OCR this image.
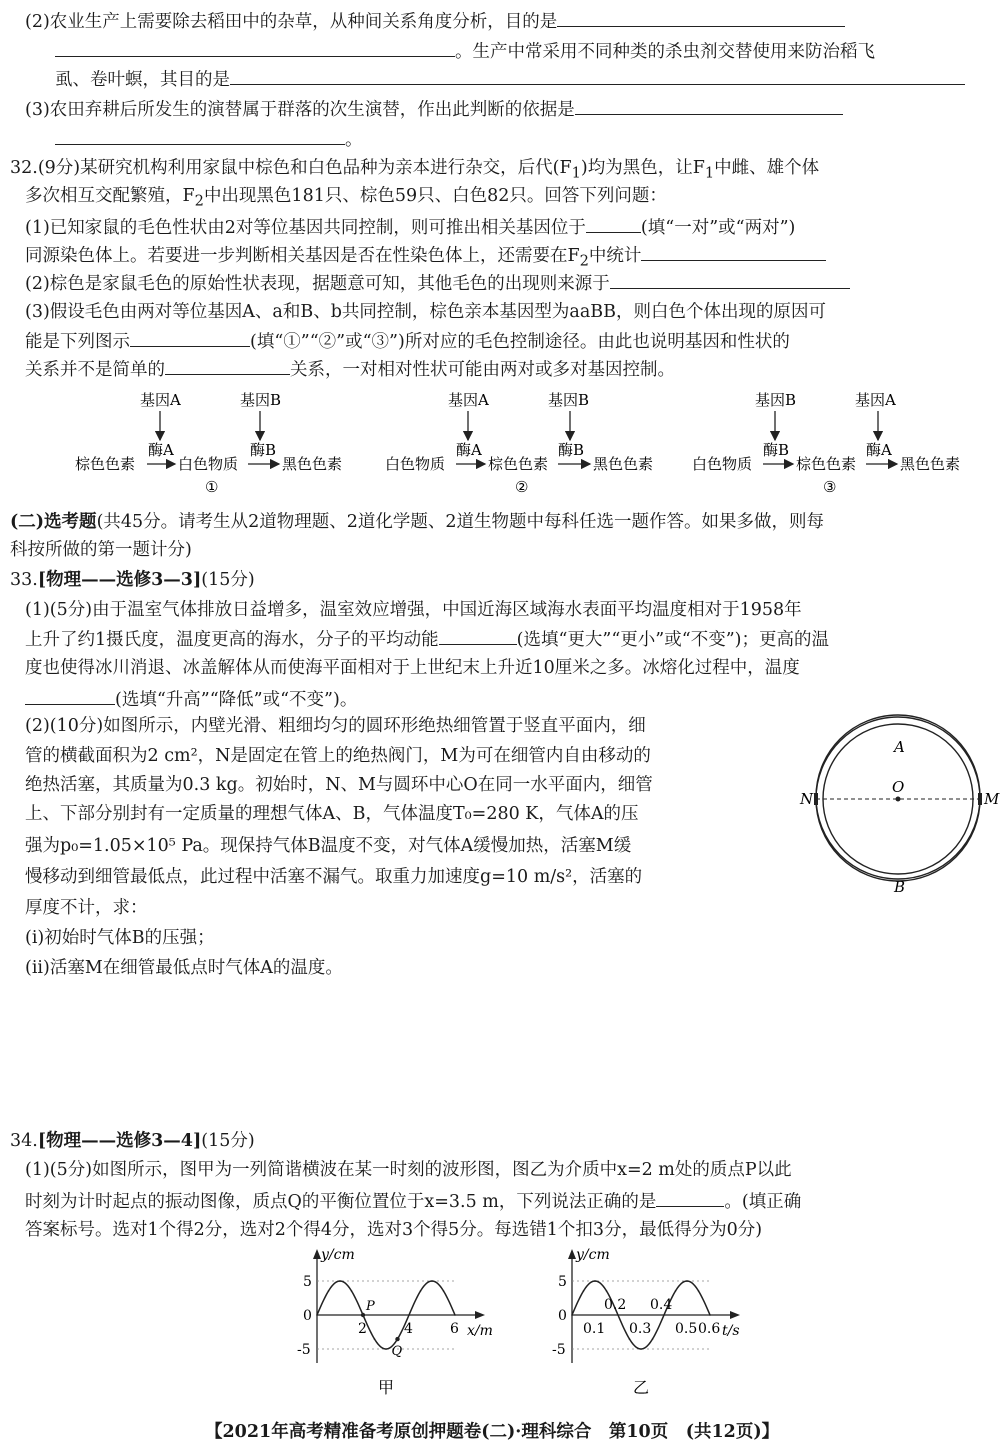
(2)农业生产上需要除去稻田中的杂草，从种间关系角度分析，目的是
。生产中常采用不同种类的杀虫剂交替使用来防治稻飞
虱、卷叶螟，其目的是
(3)农田弃耕后所发生的演替属于群落的次生演替，作出此判断的依据是
。
32.(9分)某研究机构利用家鼠中棕色和白色品种为亲本进行杂交，后代$(F_1)$均为黑色，让$F_1$中雌、雄个体
多次相互交配繁殖，$F_2$中出现黑色181只、棕色59只、白色82只。回答下列问题：
(1)已知家鼠的毛色性状由2对等位基因共同控制，则可推出相关基因位于	(填“一对”或“两对”)
同源染色体上。若要进一步判断相关基因是否在性染色体上，还需要在$F_2$中统计
(2)棕色是家鼠毛色的原始性状表现，据题意可知，其他毛色的出现则来源于
(3)假设毛色由两对等位基因A、a和B、b共同控制，棕色亲本基因型为aaBB，则白色个体出现的原因可
能是下列图示	(填“①”“②”或“③”)所对应的毛色控制途径。由此也说明基因和性状的
关系并不是简单的	关系，一对相对性状可能由两对或多对基因控制。
基因A	基因B
酶A	酶B
棕色色素	白色物质	黑色色素
①
基因A	基因B
酶A	酶B
白色物质	棕色色素	黑色色素
②
基因B	基因A
酶B	酶A
白色物质	棕色色素	黑色色素
③
(二)选考题(共45分。请考生从2道物理题、2道化学题、2道生物题中每科任选一题作答。如果多做，则每
科按所做的第一题计分)
33.[物理——选修3—3](15分)
(1)(5分)由于温室气体排放日益增多，温室效应增强，中国近海区域海水表面平均温度相对于1958年
上升了约1摄氏度，温度更高的海水，分子的平均动能	(选填“更大”“更小”或“不变”)；更高的温
度也使得冰川消退、冰盖解体从而使海平面相对于上世纪末上升近10厘米之多。冰熔化过程中，温度
(选填“升高”“降低”或“不变”)。
(2)(10分)如图所示，内壁光滑、粗细均匀的圆环形绝热细管置于竖直平面内，细
管的横截面积为2 cm²，N是固定在管上的绝热阀门，M为可在细管内自由移动的
绝热活塞，其质量为0.3 kg。初始时，N、M与圆环中心O在同一水平面内，细管
上、下部分别封有一定质量的理想气体A、B，气体温度T₀=280 K，气体A的压
强为p₀=1.05×10⁵ Pa。现保持气体B温度不变，对气体A缓慢加热，活塞M缓
慢移动到细管最低点，此过程中活塞不漏气。取重力加速度g=10 m/s²，活塞的
厚度不计，求：
(i)初始时气体B的压强；
(ii)活塞M在细管最低点时气体A的温度。
A
B
N	M
O
34.[物理——选修3—4](15分)
(1)(5分)如图所示，图甲为一列简谐横波在某一时刻的波形图，图乙为介质中x=2 m处的质点P以此
时刻为计时起点的振动图像，质点Q的平衡位置位于x=3.5 m，下列说法正确的是	。(填正确
答案标号。选对1个得2分，选对2个得4分，选对3个得5分。每选错1个扣3分，最低得分为0分)
5
0
-5
y/cm
x/m
2	4	6
P
Q
甲
5
0
-5
y/cm
t/s
0.1 0.3 0.5 0.6
0.2 0.4
乙
【2021年高考精准备考原创押题卷(二)·理科综合　第10页　(共12页)】
